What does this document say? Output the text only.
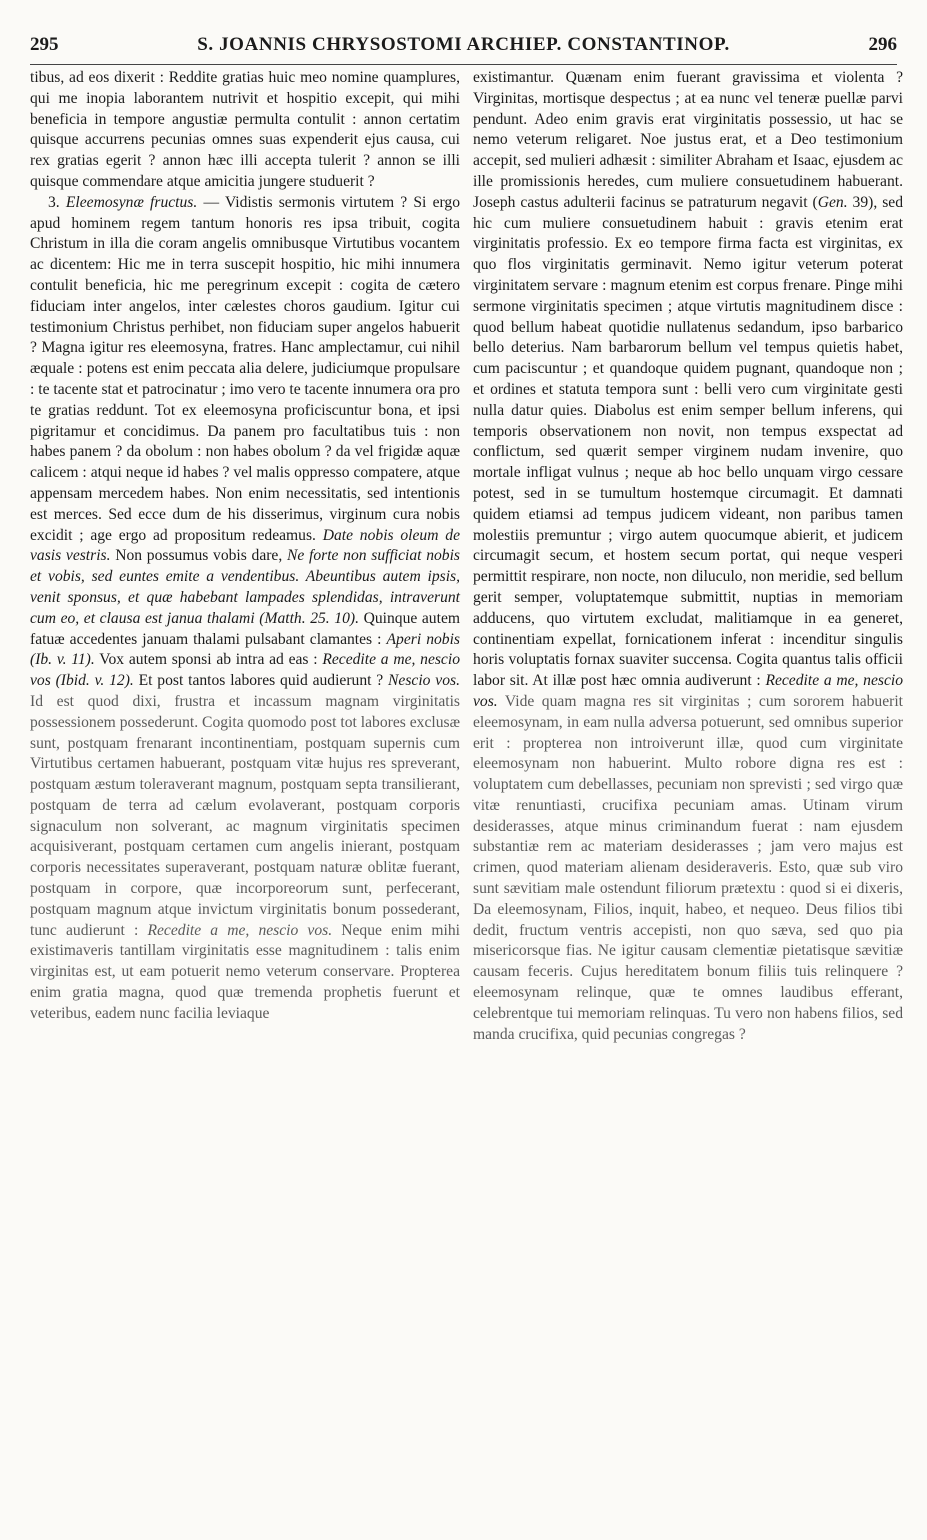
295	S. JOANNIS CHRYSOSTOMI ARCHIEP. CONSTANTINOP.	296

tibus, ad eos dixerit : Reddite gratias huic meo nomine quamplures, qui me inopia laborantem nutrivit et hospitio excepit, qui mihi beneficia in tempore angustiæ permulta contulit : annon certatim quisque accurrens pecunias omnes suas expenderit ejus causa, cui rex gratias egerit ? annon hæc illi accepta tulerit ? annon se illi quisque commendare atque amicitia jungere studuerit ?

3. Eleemosynæ fructus. — Vidistis sermonis virtutem ? Si ergo apud hominem regem tantum honoris res ipsa tribuit, cogita Christum in illa die coram angelis omnibusque Virtutibus vocantem ac dicentem: Hic me in terra suscepit hospitio, hic mihi innumera contulit beneficia, hic me peregrinum excepit : cogita de cætero fiduciam inter angelos, inter cælestes choros gaudium. Igitur cui testimonium Christus perhibet, non fiduciam super angelos habuerit ? Magna igitur res eleemosyna, fratres. Hanc amplectamur, cui nihil æquale : potens est enim peccata alia delere, judiciumque propulsare : te tacente stat et patrocinatur ; imo vero te tacente innumera ora pro te gratias reddunt. Tot ex eleemosyna proficiscuntur bona, et ipsi pigritamur et concidimus. Da panem pro facultatibus tuis : non habes panem ? da obolum : non habes obolum ? da vel frigidæ aquæ calicem : atqui neque id habes ? vel malis oppresso compatere, atque appensam mercedem habes. Non enim necessitatis, sed intentionis est merces. Sed ecce dum de his disserimus, virginum cura nobis excidit ; age ergo ad propositum redeamus. Date nobis oleum de vasis vestris. Non possumus vobis dare, Ne forte non sufficiat nobis et vobis, sed euntes emite a vendentibus. Abeuntibus autem ipsis, venit sponsus, et quæ habebant lampades splendidas, intraverunt cum eo, et clausa est janua thalami (Matth. 25. 10). Quinque autem fatuæ accedentes januam thalami pulsabant clamantes : Aperi nobis (Ib. v. 11). Vox autem sponsi ab intra ad eas : Recedite a me, nescio vos (Ibid. v. 12). Et post tantos labores quid audierunt ? Nescio vos. Id est quod dixi, frustra et incassum magnam virginitatis possessionem possederunt. Cogita quomodo post tot labores exclusæ sunt, postquam frenarant incontinentiam, postquam supernis cum Virtutibus certamen habuerant, postquam vitæ hujus res spreverant, postquam æstum toleraverant magnum, postquam septa transilierant, postquam de terra ad cælum evolaverant, postquam corporis signaculum non solverant, ac magnum virginitatis specimen acquisiverant, postquam certamen cum angelis inierant, postquam corporis necessitates superaverant, postquam naturæ oblitæ fuerant, postquam in corpore, quæ incorporeorum sunt, perfecerant, postquam magnum atque invictum virginitatis bonum possederant, tunc audierunt : Recedite a me, nescio vos. Neque enim mihi existimaveris tantillam virginitatis esse magnitudinem : talis enim virginitas est, ut eam potuerit nemo veterum conservare. Propterea enim gratia magna, quod quæ tremenda prophetis fuerunt et veteribus, eadem nunc facilia leviaque

existimantur. Quænam enim fuerant gravissima et violenta ? Virginitas, mortisque despectus ; at ea nunc vel teneræ puellæ parvi pendunt. Adeo enim gravis erat virginitatis possessio, ut hac se nemo veterum religaret. Noe justus erat, et a Deo testimonium accepit, sed mulieri adhæsit : similiter Abraham et Isaac, ejusdem ac ille promissionis heredes, cum muliere consuetudinem habuerant. Joseph castus adulterii facinus se patraturum negavit (Gen. 39), sed hic cum muliere consuetudinem habuit : gravis etenim erat virginitatis professio. Ex eo tempore firma facta est virginitas, ex quo flos virginitatis germinavit. Nemo igitur veterum poterat virginitatem servare : magnum etenim est corpus frenare. Pinge mihi sermone virginitatis specimen ; atque virtutis magnitudinem disce : quod bellum habeat quotidie nullatenus sedandum, ipso barbarico bello deterius. Nam barbarorum bellum vel tempus quietis habet, cum paciscuntur ; et quandoque quidem pugnant, quandoque non ; et ordines et statuta tempora sunt : belli vero cum virginitate gesti nulla datur quies. Diabolus est enim semper bellum inferens, qui temporis observationem non novit, non tempus exspectat ad conflictum, sed quærit semper virginem nudam invenire, quo mortale infligat vulnus ; neque ab hoc bello unquam virgo cessare potest, sed in se tumultum hostemque circumagit. Et damnati quidem etiamsi ad tempus judicem videant, non paribus tamen molestiis premuntur ; virgo autem quocumque abierit, et judicem circumagit secum, et hostem secum portat, qui neque vesperi permittit respirare, non nocte, non diluculo, non meridie, sed bellum gerit semper, voluptatemque submittit, nuptias in memoriam adducens, quo virtutem excludat, malitiamque in ea generet, continentiam expellat, fornicationem inferat : incenditur singulis horis voluptatis fornax suaviter succensa. Cogita quantus talis officii labor sit. At illæ post hæc omnia audiverunt : Recedite a me, nescio vos. Vide quam magna res sit virginitas ; cum sororem habuerit eleemosynam, in eam nulla adversa potuerunt, sed omnibus superior erit : propterea non introiverunt illæ, quod cum virginitate eleemosynam non habuerint. Multo robore digna res est : voluptatem cum debellasses, pecuniam non sprevisti ; sed virgo quæ vitæ renuntiasti, crucifixa pecuniam amas. Utinam virum desiderasses, atque minus criminandum fuerat : nam ejusdem substantiæ rem ac materiam desiderasses ; jam vero majus est crimen, quod materiam alienam desideraveris. Esto, quæ sub viro sunt sævitiam male ostendunt filiorum prætextu : quod si ei dixeris, Da eleemosynam, Filios, inquit, habeo, et nequeo. Deus filios tibi dedit, fructum ventris accepisti, non quo sæva, sed quo pia misericorsque fias. Ne igitur causam clementiæ pietatisque sævitiæ causam feceris. Cujus hereditatem bonum filiis tuis relinquere ? eleemosynam relinque, quæ te omnes laudibus efferant, celebrentque tui memoriam relinquas. Tu vero non habens filios, sed manda crucifixa, quid pecunias congregas ?
